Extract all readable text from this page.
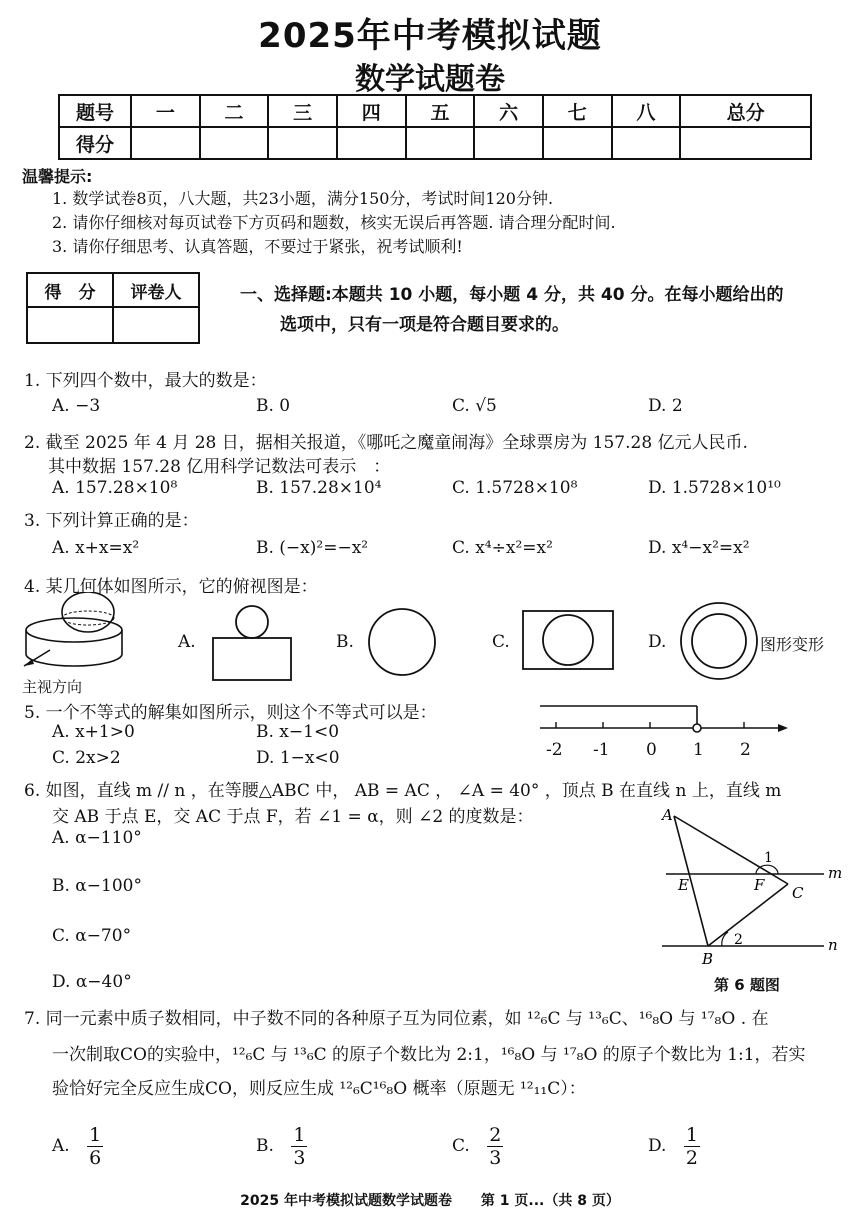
2025年中考模拟试题
数学试题卷
题号	一	二	三	四	五	六	七	八	总分
得分									
温馨提示:
1. 数学试卷8页，八大题，共23小题，满分150分，考试时间120分钟.
2. 请你仔细核对每页试卷下方页码和题数，核实无误后再答题. 请合理分配时间.
3. 请你仔细思考、认真答题，不要过于紧张，祝考试顺利!
得　分	评卷人
		一、选择题:本题共 10 小题，每小题 4 分，共 40 分。在每小题给出的
选项中，只有一项是符合题目要求的。
1. 下列四个数中，最大的数是：
A. −3	B. 0	C. √5	D. 2
2. 截至 2025 年 4 月 28 日，据相关报道，《哪吒之魔童闹海》全球票房为 157.28 亿元人民币.
其中数据 157.28 亿用科学记数法可表示　：
A. 157.28×10⁸	B. 157.28×10⁴	C. 1.5728×10⁸	D. 1.5728×10¹⁰
3. 下列计算正确的是：
A. x+x=x²	B. (−x)²=−x²	C. x⁴÷x²=x²	D. x⁴−x²=x²
4. 某几何体如图所示，它的俯视图是：
主视方向
A.	B.	C.	D.	图形变形
5. 一个不等式的解集如图所示，则这个不等式可以是：
A. x+1>0	B. x−1<0
C. 2x>2	D. 1−x<0	-2 -1 0 1 2
6. 如图，直线 m // n ，在等腰△ABC 中， AB = AC ， ∠A = 40° ，顶点 B 在直线 n 上，直线 m
交 AB 于点 E，交 AC 于点 F，若 ∠1 = α，则 ∠2 的度数是：
A. α−110°
B. α−100°
C. α−70°
D. α−40°
A
E	F C
B
m
n
1
2
第 6 题图
7. 同一元素中质子数相同，中子数不同的各种原子互为同位素，如 ¹²₆C 与 ¹³₆C、¹⁶₈O 与 ¹⁷₈O . 在
一次制取CO的实验中，¹²₆C 与 ¹³₆C 的原子个数比为 2:1，¹⁶₈O 与 ¹⁷₈O 的原子个数比为 1:1，若实
验恰好完全反应生成CO，则反应生成 ¹²₆C¹⁶₈O 概率（原题无 ¹²₁₁C）：
A. $\frac{1}{6}$	B. $\frac{1}{3}$	C. $\frac{2}{3}$	D. $\frac{1}{2}$
2025 年中考模拟试题数学试题卷 第 1 页...（共 8 页）
